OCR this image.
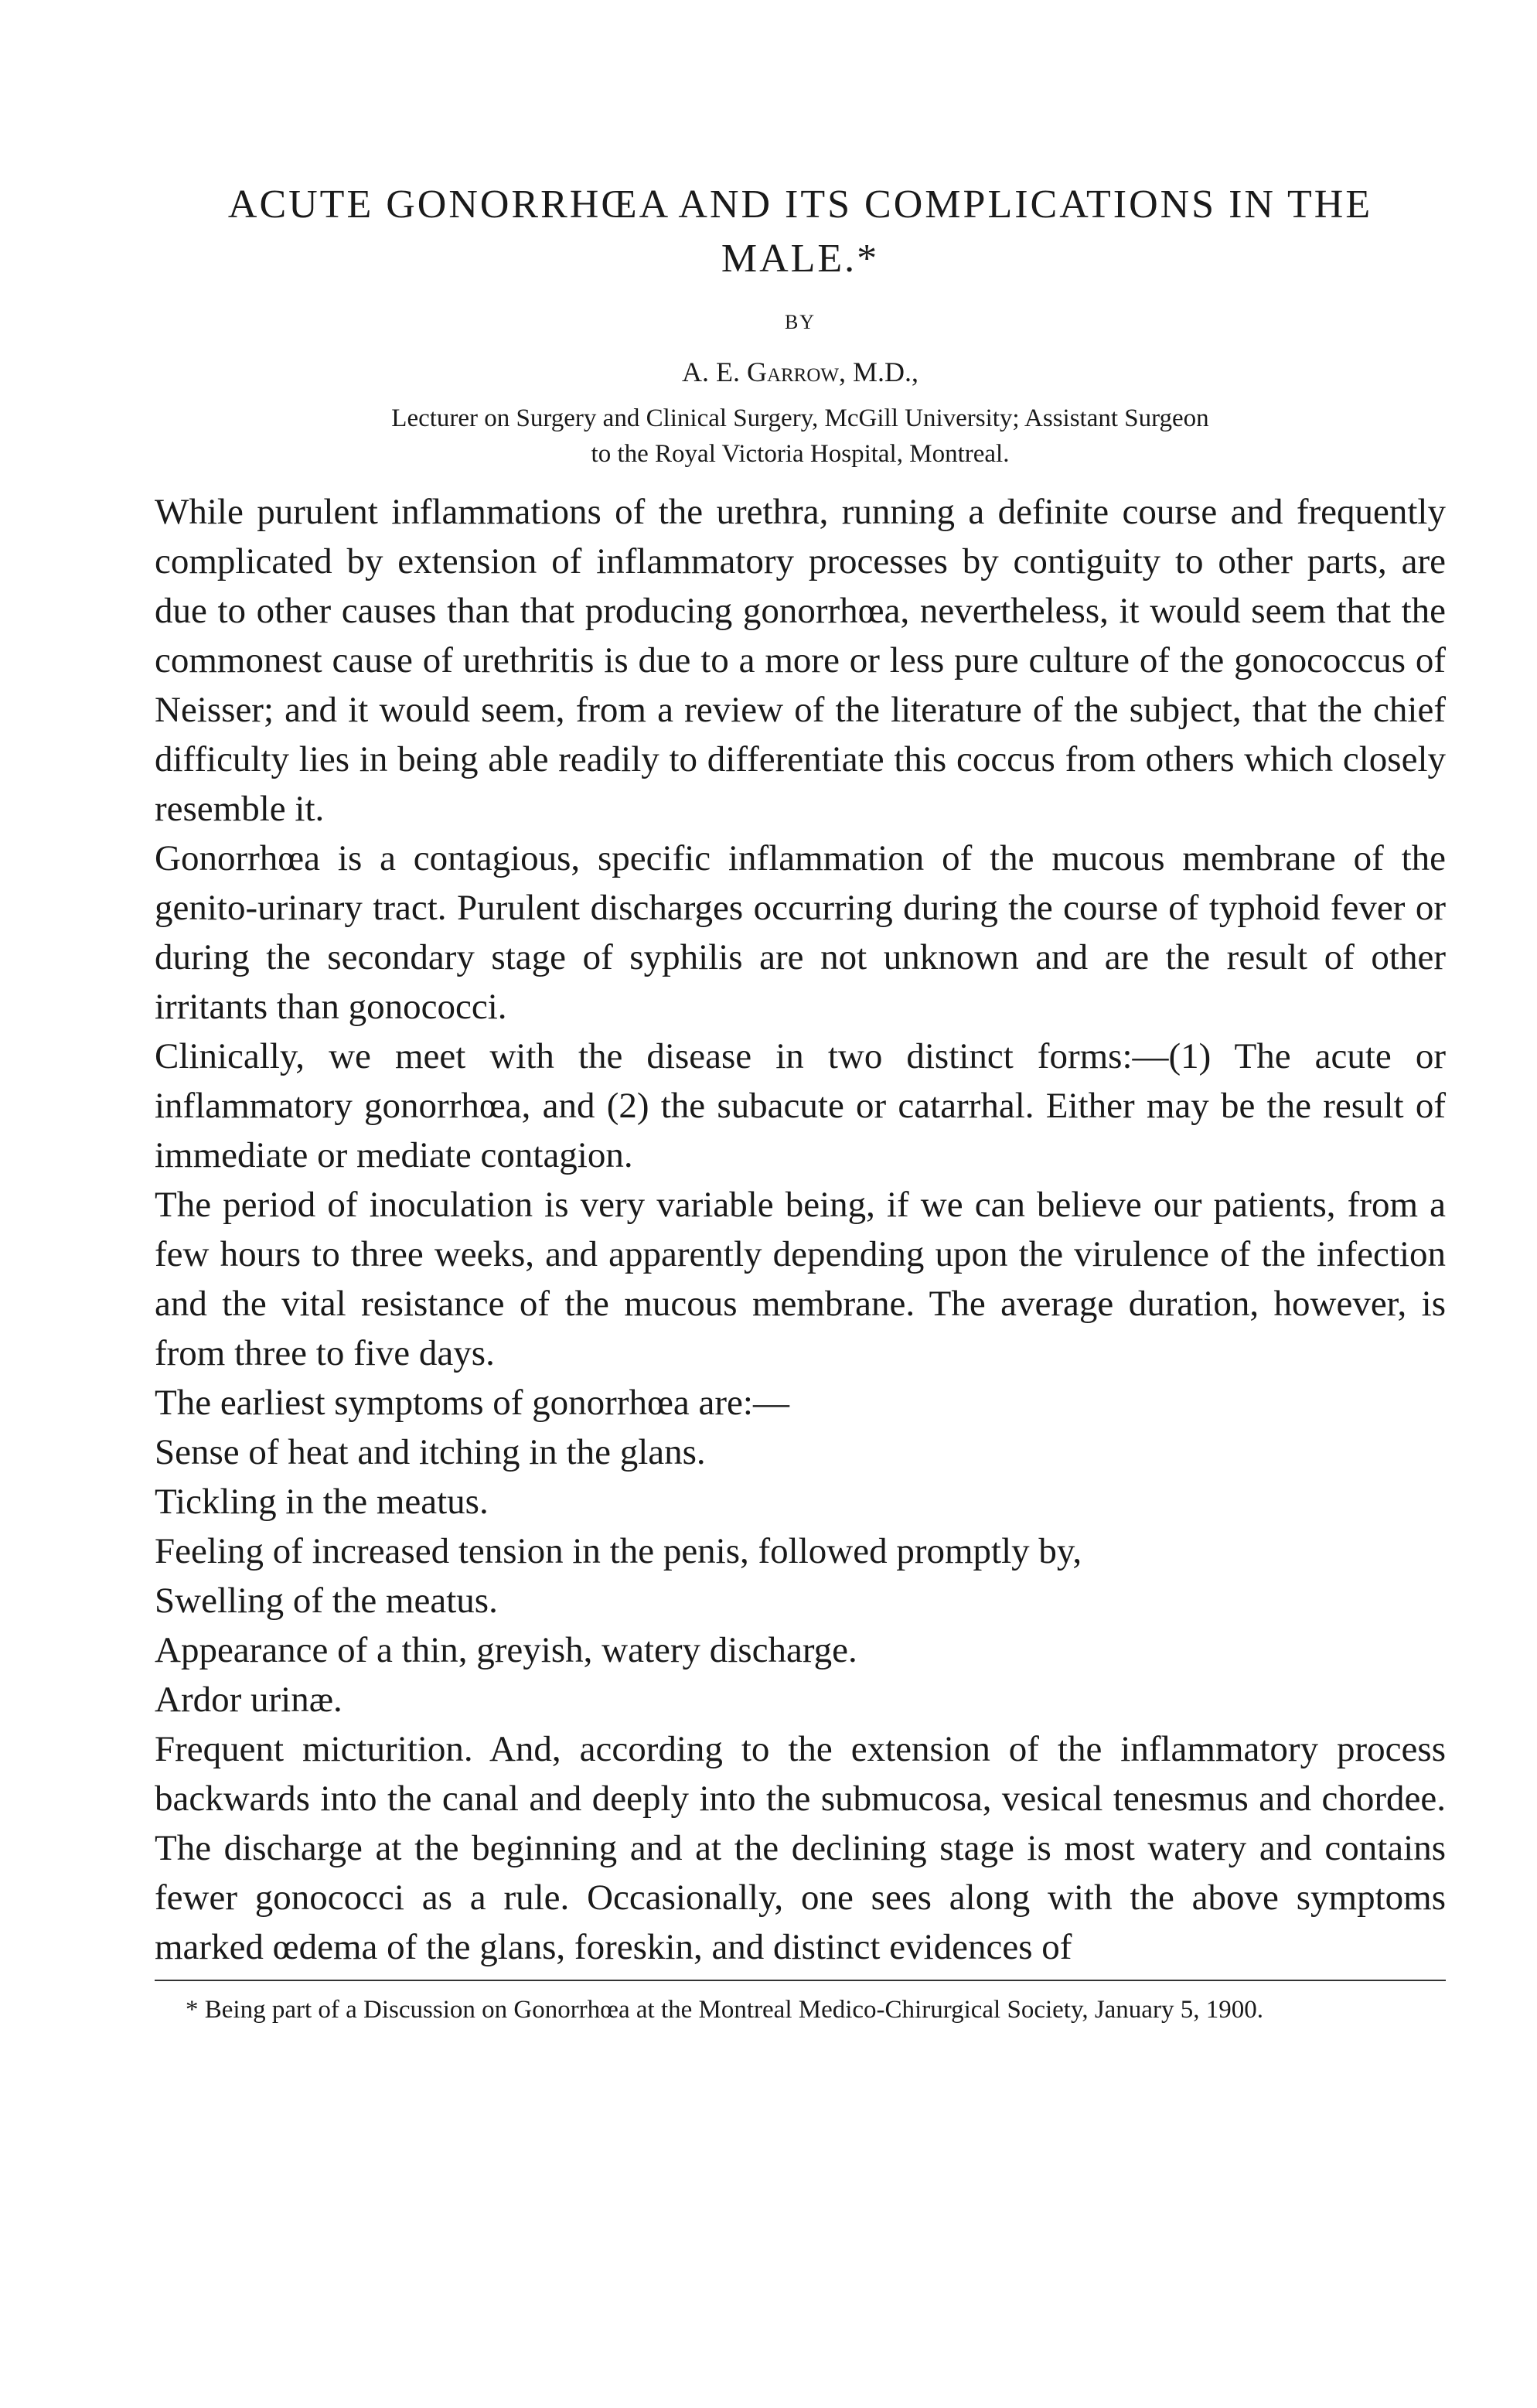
ACUTE GONORRHŒA AND ITS COMPLICATIONS IN THE
MALE.*
BY
A. E. Garrow, M.D.,
Lecturer on Surgery and Clinical Surgery, McGill University; Assistant Surgeon
to the Royal Victoria Hospital, Montreal.

While purulent inflammations of the urethra, running a definite course and frequently complicated by extension of inflammatory processes by contiguity to other parts, are due to other causes than that producing gonorrhœa, nevertheless, it would seem that the commonest cause of urethritis is due to a more or less pure culture of the gonococcus of Neisser; and it would seem, from a review of the literature of the subject, that the chief difficulty lies in being able readily to differentiate this coccus from others which closely resemble it.

Gonorrhœa is a contagious, specific inflammation of the mucous membrane of the genito-urinary tract. Purulent discharges occurring during the course of typhoid fever or during the secondary stage of syphilis are not unknown and are the result of other irritants than gonococci.

Clinically, we meet with the disease in two distinct forms:—(1) The acute or inflammatory gonorrhœa, and (2) the subacute or catarrhal. Either may be the result of immediate or mediate contagion.

The period of inoculation is very variable being, if we can believe our patients, from a few hours to three weeks, and apparently depending upon the virulence of the infection and the vital resistance of the mucous membrane. The average duration, however, is from three to five days.

The earliest symptoms of gonorrhœa are:—

Sense of heat and itching in the glans.

Tickling in the meatus.

Feeling of increased tension in the penis, followed promptly by,

Swelling of the meatus.

Appearance of a thin, greyish, watery discharge.

Ardor urinæ.

Frequent micturition. And, according to the extension of the inflammatory process backwards into the canal and deeply into the submucosa, vesical tenesmus and chordee. The discharge at the beginning and at the declining stage is most watery and contains fewer gonococci as a rule. Occasionally, one sees along with the above symptoms marked œdema of the glans, foreskin, and distinct evidences of

* Being part of a Discussion on Gonorrhœa at the Montreal Medico-Chirurgical Society, January 5, 1900.
